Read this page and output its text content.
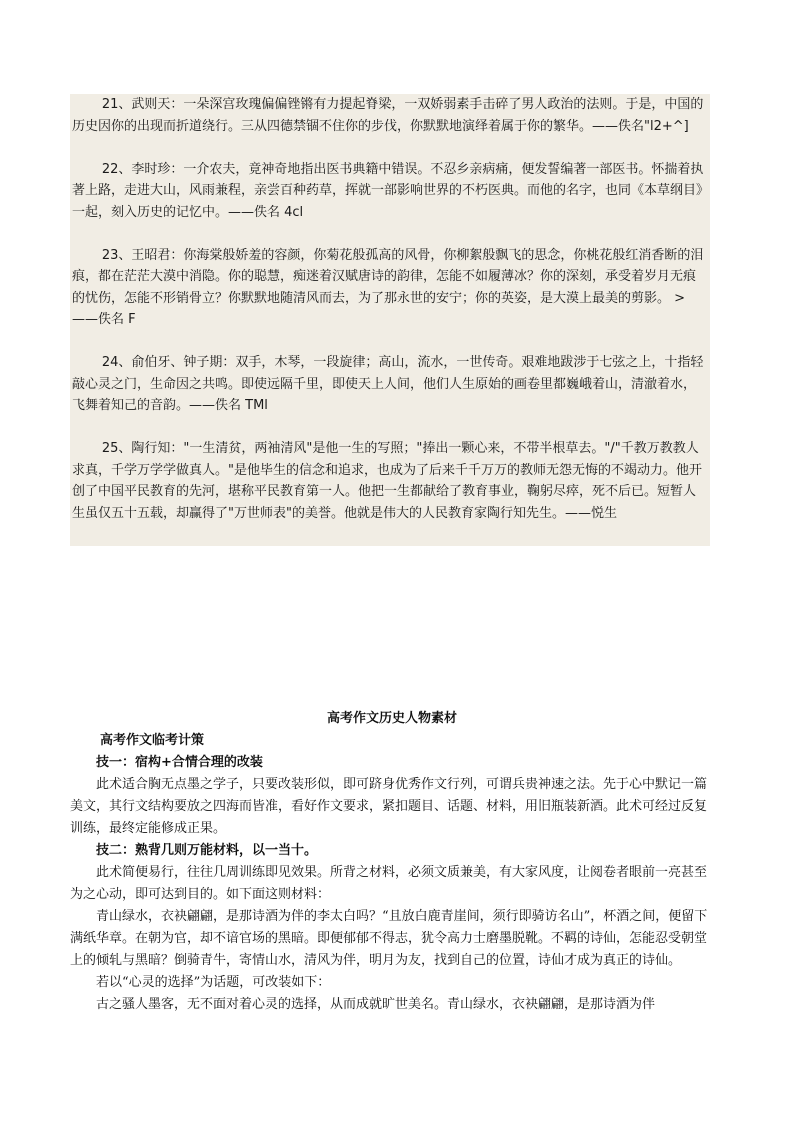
21、武则天：一朵深宫玫瑰偏偏锉锵有力提起脊梁，一双娇弱素手击碎了男人政治的法则。于是，中国的历史因你的出现而折道绕行。三从四德禁锢不住你的步伐，你默默地演绎着属于你的繁华。——佚名"l2+^]

22、李时珍：一介农夫，竟神奇地指出医书典籍中错误。不忍乡亲病痛，便发誓编著一部医书。怀揣着执著上路，走进大山，风雨兼程，亲尝百种药草，挥就一部影响世界的不朽医典。而他的名字，也同《本草纲目》一起，刻入历史的记忆中。——佚名 4cl

23、王昭君：你海棠般娇羞的容颜，你菊花般孤高的风骨，你柳絮般飘飞的思念，你桃花般红消香断的泪痕，都在茫茫大漠中消隐。你的聪慧，痴迷着汉赋唐诗的韵律，怎能不如履薄冰？你的深刻，承受着岁月无痕的忧伤，怎能不形销骨立？你默默地随清风而去，为了那永世的安宁；你的英姿，是大漠上最美的剪影。 >——佚名 F

24、俞伯牙、钟子期：双手，木琴，一段旋律；高山，流水，一世传奇。艰难地跋涉于七弦之上，十指轻敲心灵之门，生命因之共鸣。即使远隔千里，即使天上人间，他们人生原始的画卷里都巍峨着山，清澈着水，飞舞着知己的音韵。——佚名 TMl

25、陶行知："一生清贫，两袖清风"是他一生的写照；"捧出一颗心来，不带半根草去。"/"千教万教教人求真，千学万学学做真人。"是他毕生的信念和追求，也成为了后来千千万万的教师无怨无悔的不竭动力。他开创了中国平民教育的先河，堪称平民教育第一人。他把一生都献给了教育事业，鞠躬尽瘁，死不后已。短暂人生虽仅五十五载，却赢得了"万世师表"的美誉。他就是伟大的人民教育家陶行知先生。——悦生

高考作文历史人物素材

高考作文临考计策

技一：宿构+合情合理的改装

此术适合胸无点墨之学子，只要改装形似，即可跻身优秀作文行列，可谓兵贵神速之法。先于心中默记一篇美文，其行文结构要放之四海而皆准，看好作文要求，紧扣题目、话题、材料，用旧瓶装新酒。此术可经过反复训练，最终定能修成正果。

技二：熟背几则万能材料，以一当十。

此术简便易行，往往几周训练即见效果。所背之材料，必须文质兼美，有大家风度，让阅卷者眼前一亮甚至为之心动，即可达到目的。如下面这则材料：

青山绿水，衣袂翩翩，是那诗酒为伴的李太白吗？“且放白鹿青崖间，须行即骑访名山”，杯酒之间，便留下满纸华章。在朝为官，却不谙官场的黑暗。即便郁郁不得志，犹令高力士磨墨脱靴。不羁的诗仙，怎能忍受朝堂上的倾轧与黑暗？倒骑青牛，寄情山水，清风为伴，明月为友，找到自己的位置，诗仙才成为真正的诗仙。

若以“心灵的选择”为话题，可改装如下：

古之骚人墨客，无不面对着心灵的选择，从而成就旷世美名。青山绿水，衣袂翩翩，是那诗酒为伴
